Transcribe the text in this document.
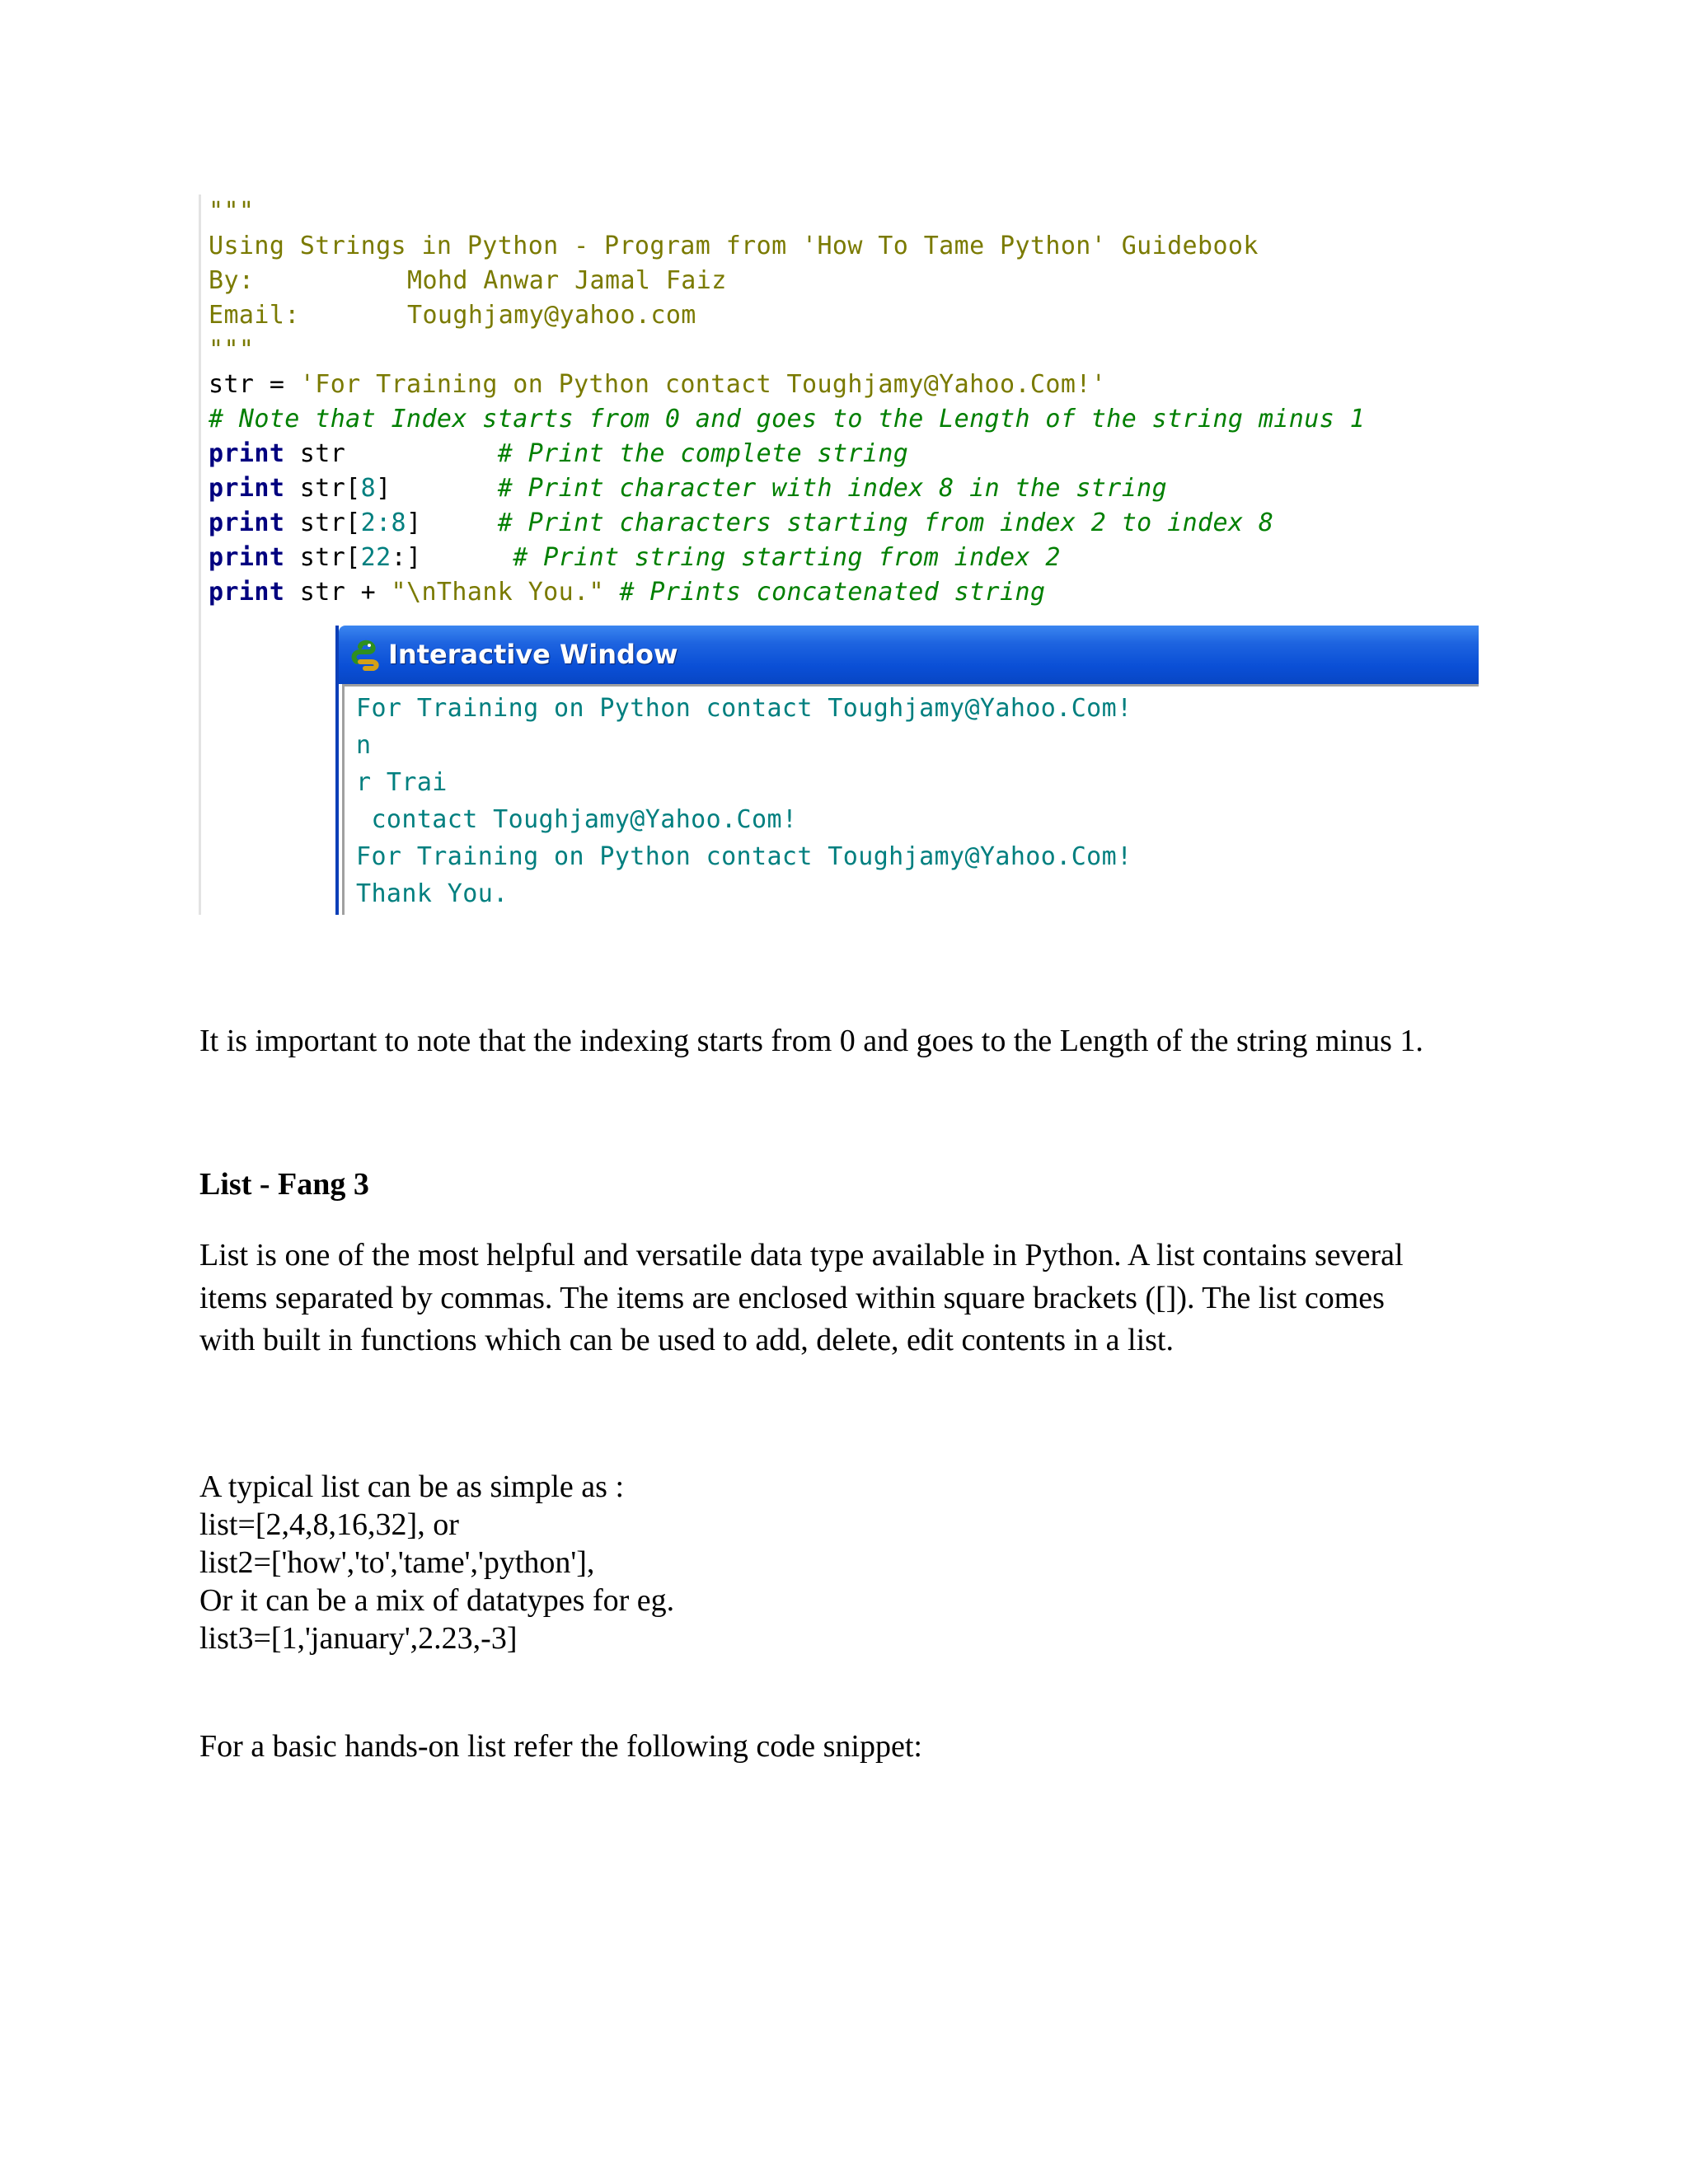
"""
Using Strings in Python - Program from 'How To Tame Python' Guidebook
By:	Mohd Anwar Jamal Faiz
Email:	Toughjamy@yahoo.com
"""
str = 'For Training on Python contact Toughjamy@Yahoo.Com!'
# Note that Index starts from 0 and goes to the Length of the string minus 1
print str	# Print the complete string
print str[8]	# Print character with index 8 in the string
print str[2:8]	# Print characters starting from index 2 to index 8
print str[22:]	# Print string starting from index 2
print str + "\nThank You." # Prints concatenated string
Interactive Window
For Training on Python contact Toughjamy@Yahoo.Com!
n
r Trai
contact Toughjamy@Yahoo.Com!
For Training on Python contact Toughjamy@Yahoo.Com!
Thank You.
It is important to note that the indexing starts from 0 and goes to the Length of the string minus 1.
List - Fang 3
List is one of the most helpful and versatile data type available in Python. A list contains several
items separated by commas. The items are enclosed within square brackets ([]). The list comes
with built in functions which can be used to add, delete, edit contents in a list.
A typical list can be as simple as :
list=[2,4,8,16,32], or
list2=['how','to','tame','python'],
Or it can be a mix of datatypes for eg.
list3=[1,'january',2.23,-3]
For a basic hands-on list refer the following code snippet:
